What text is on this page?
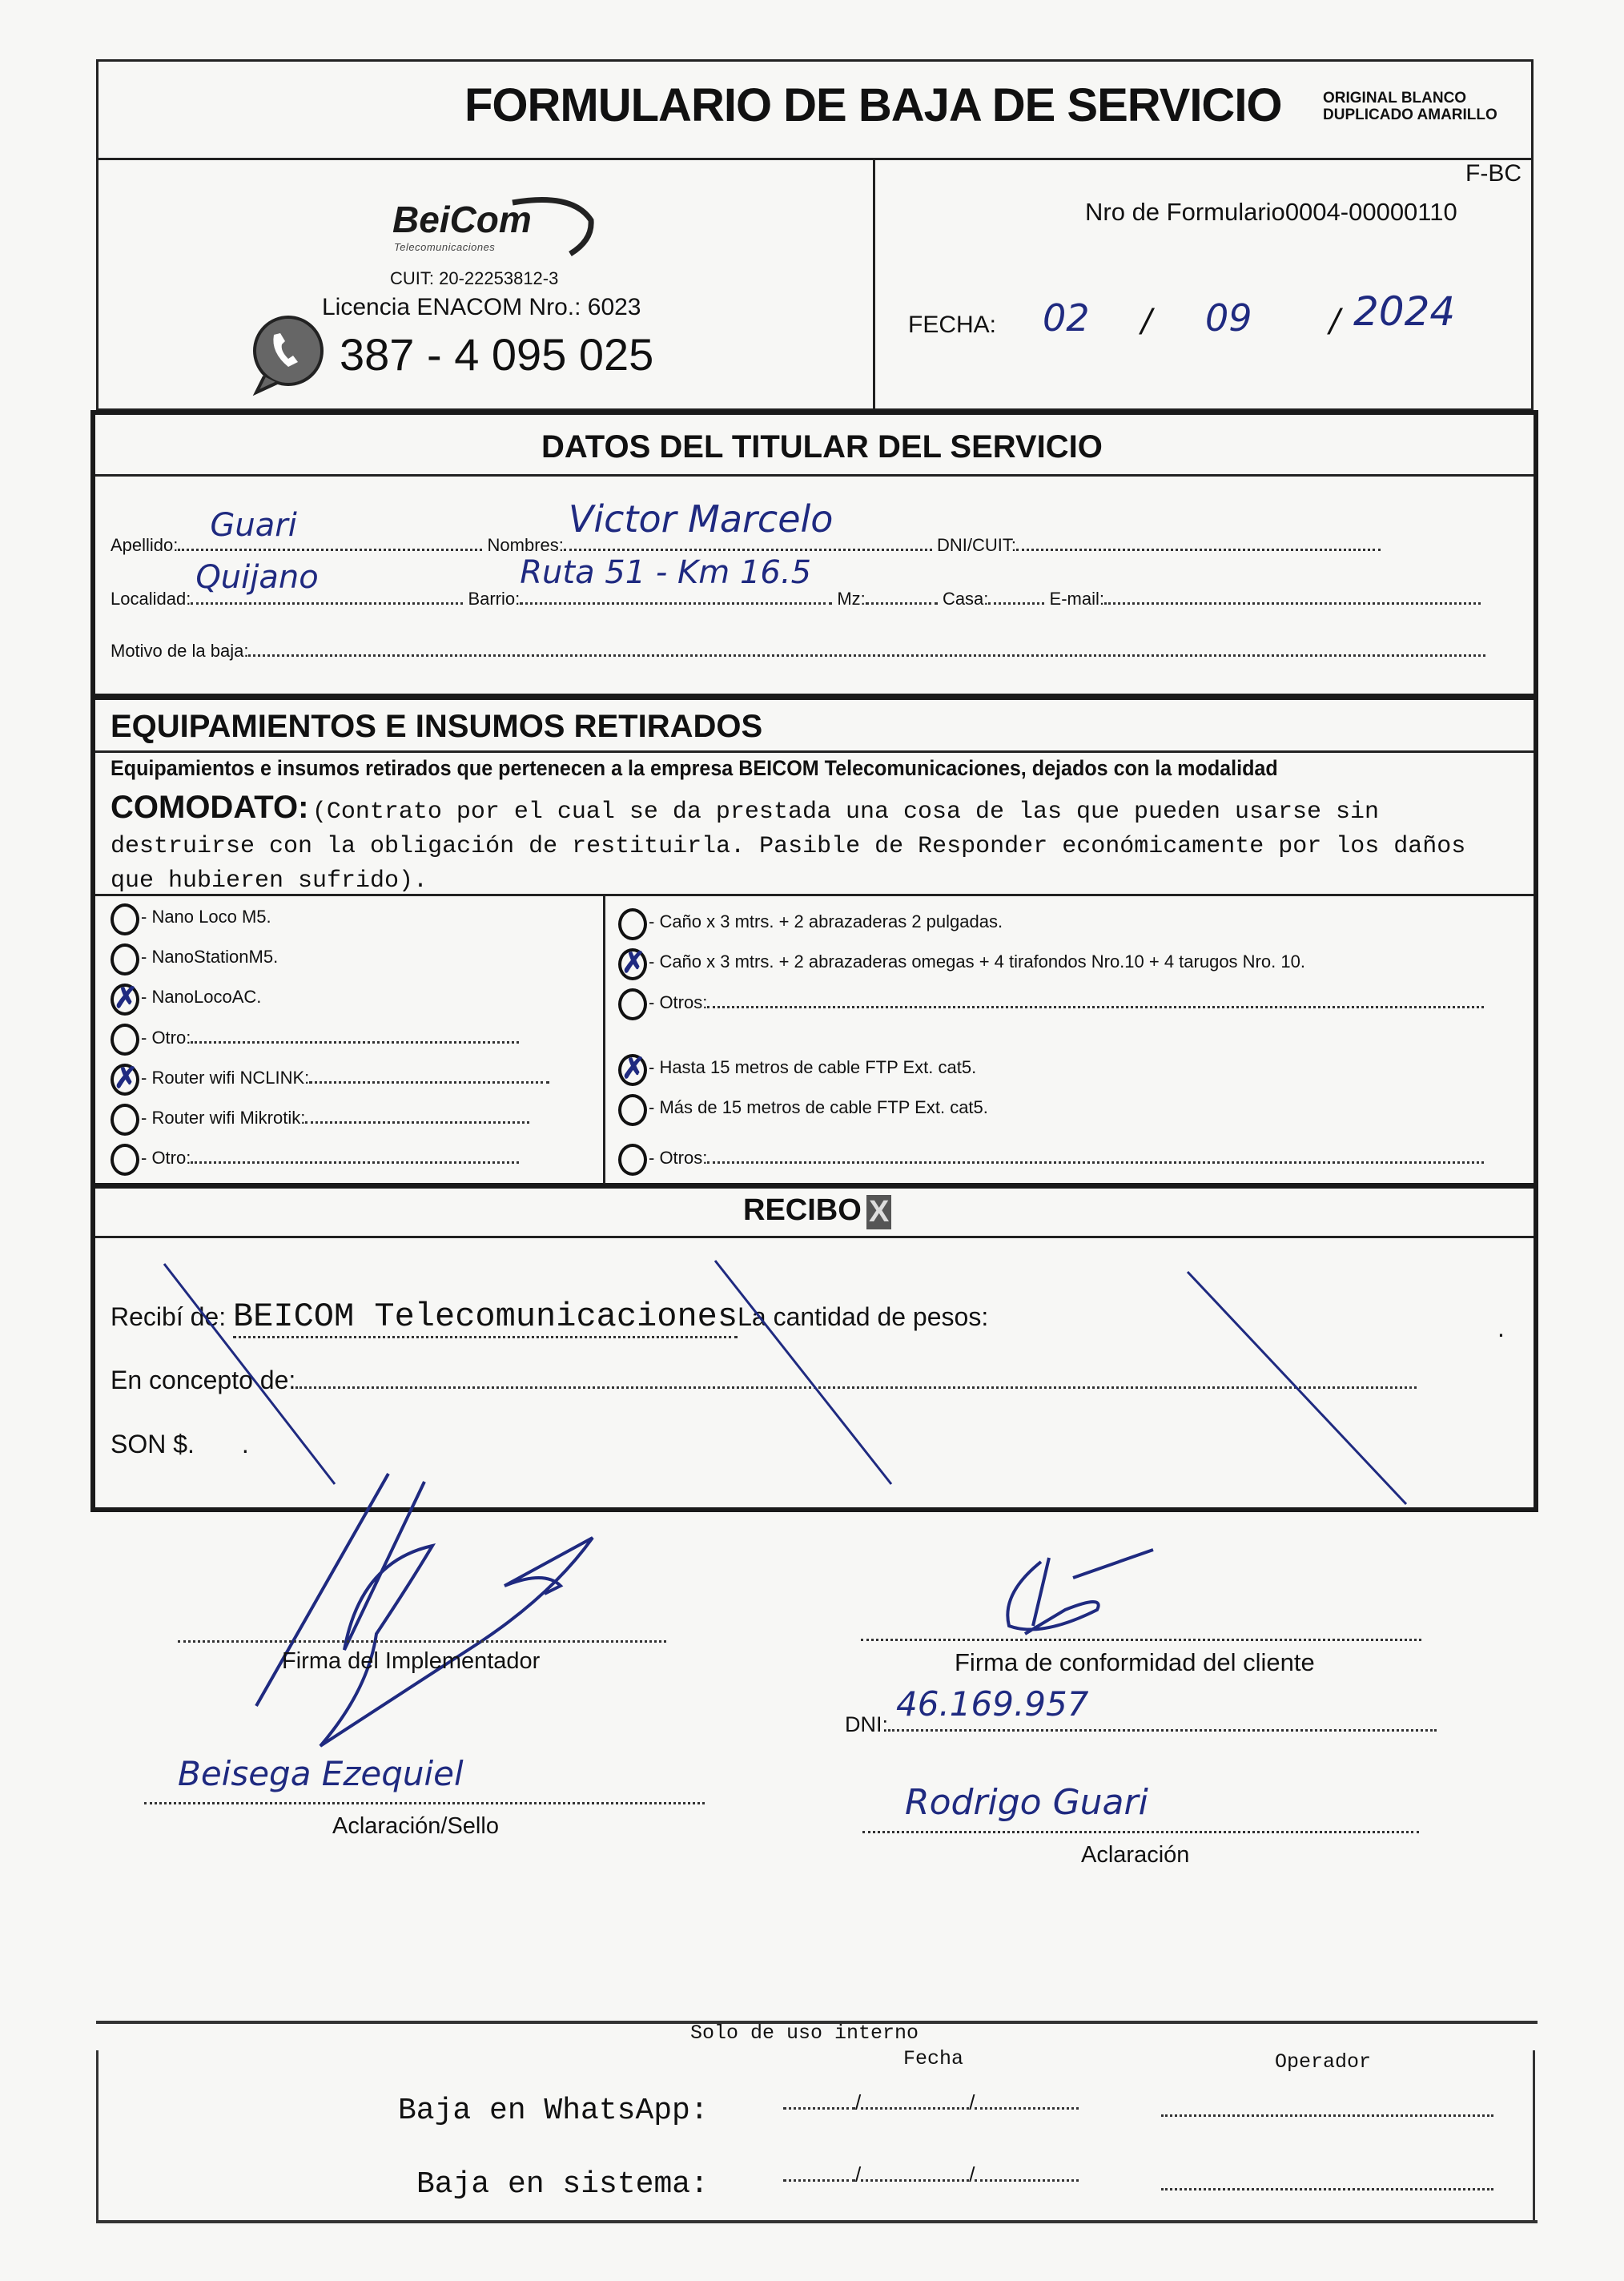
FORMULARIO DE BAJA DE SERVICIO	ORIGINAL BLANCO
DUPLICADO AMARILLO
BeiCom
Telecomunicaciones
CUIT: 20-22253812-3
Licencia ENACOM Nro.: 6023
387 - 4 095 025
F-BC
Nro de Formulario0004-00000110
FECHA: 02 / 09 / 2024
DATOS DEL TITULAR DEL SERVICIO
Apellido:
Guari
Nombres:
Victor Marcelo
DNI/CUIT:
Localidad:
Quijano
Barrio:
Ruta 51 - Km 16.5
Mz:	Casa:	E-mail:
Motivo de la baja:
EQUIPAMIENTOS E INSUMOS RETIRADOS
Equipamientos e insumos retirados que pertenecen a la empresa BEICOM Telecomunicaciones, dejados con la modalidad
COMODATO: (Contrato por el cual se da prestada una cosa de las que pueden usarse sin destruirse con la obligación de restituirla. Pasible de Responder económicamente por los daños que hubieren sufrido).
- Nano Loco M5.
- NanoStationM5.
✗ - NanoLocoAC.
- Otro:
✗ - Router wifi NCLINK:
- Router wifi Mikrotik:
- Otro:
- Caño x 3 mtrs. + 2 abrazaderas 2 pulgadas.
✗ - Caño x 3 mtrs. + 2 abrazaderas omegas + 4 tirafondos Nro.10 + 4 tarugos Nro. 10.
- Otros:
✗ - Hasta 15 metros de cable FTP Ext. cat5.
- Más de 15 metros de cable FTP Ext. cat5.
- Otros:
RECIBO X
Recibí de: BEICOM TelecomunicacionesLa cantidad de pesos:	.
En concepto de:
SON $. .
Firma del Implementador
Beisega Ezequiel
Aclaración/Sello
Firma de conformidad del cliente
DNI:
46.169.957
Rodrigo Guari
Aclaración
Solo de uso interno
Fecha	Operador
Baja en WhatsApp:	/	/
Baja en sistema:	/	/
